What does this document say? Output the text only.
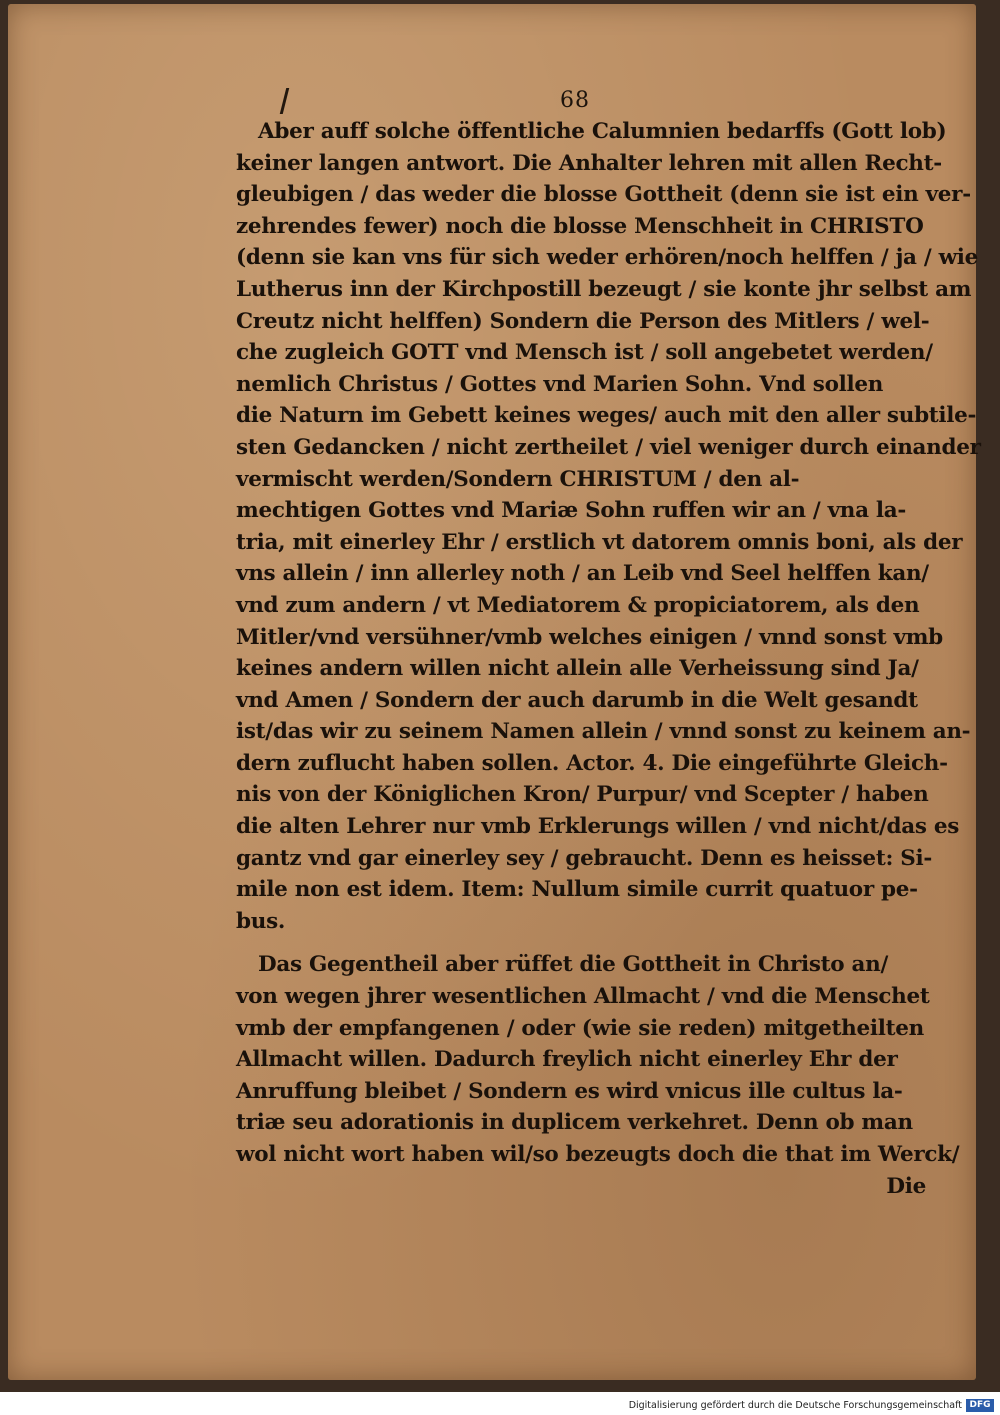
68
Aber auff solche öffentliche Calumnien bedarffs (Gott lob)
keiner langen antwort. Die Anhalter lehren mit allen Recht-
gleubigen / das weder die blosse Gottheit (denn sie ist ein ver-
zehrendes fewer) noch die blosse Menschheit in CHRISTO
(denn sie kan vns für sich weder erhören/noch helffen / ja / wie
Lutherus inn der Kirchpostill bezeugt / sie konte jhr selbst am
Creutz nicht helffen) Sondern die Person des Mitlers / wel-
che zugleich GOTT vnd Mensch ist / soll angebetet werden/
nemlich Christus / Gottes vnd Marien Sohn. Vnd sollen
die Naturn im Gebett keines weges/ auch mit den aller subtile-
sten Gedancken / nicht zertheilet / viel weniger durch einander
vermischt werden/Sondern CHRISTUM / den al-
mechtigen Gottes vnd Mariæ Sohn ruffen wir an / vna la-
tria, mit einerley Ehr / erstlich vt datorem omnis boni, als der
vns allein / inn allerley noth / an Leib vnd Seel helffen kan/
vnd zum andern / vt Mediatorem & propiciatorem, als den
Mitler/vnd versühner/vmb welches einigen / vnnd sonst vmb
keines andern willen nicht allein alle Verheissung sind Ja/
vnd Amen / Sondern der auch darumb in die Welt gesandt
ist/das wir zu seinem Namen allein / vnnd sonst zu keinem an-
dern zuflucht haben sollen. Actor. 4. Die eingeführte Gleich-
nis von der Königlichen Kron/ Purpur/ vnd Scepter / haben
die alten Lehrer nur vmb Erklerungs willen / vnd nicht/das es
gantz vnd gar einerley sey / gebraucht. Denn es heisset: Si-
mile non est idem. Item: Nullum simile currit quatuor pe-
bus.
Das Gegentheil aber rüffet die Gottheit in Christo an/
von wegen jhrer wesentlichen Allmacht / vnd die Menschet
vmb der empfangenen / oder (wie sie reden) mitgetheilten
Allmacht willen. Dadurch freylich nicht einerley Ehr der
Anruffung bleibet / Sondern es wird vnicus ille cultus la-
triæ seu adorationis in duplicem verkehret. Denn ob man
wol nicht wort haben wil/so bezeugts doch die that im Werck/
Die
Digitalisierung gefördert durch die Deutsche Forschungsgemeinschaft DFG
